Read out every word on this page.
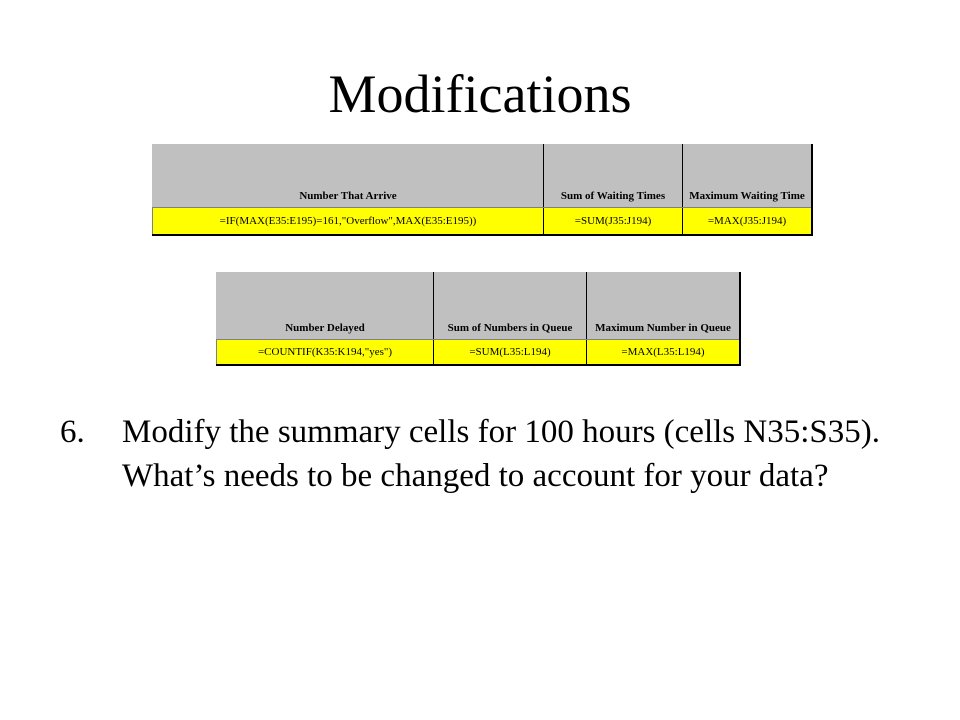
Modifications
Number That Arrive	Sum of Waiting Times	Maximum Waiting Time
=IF(MAX(E35:E195)=161,"Overflow",MAX(E35:E195))	=SUM(J35:J194)	=MAX(J35:J194)
Number Delayed	Sum of Numbers in Queue	Maximum Number in Queue
=COUNTIF(K35:K194,"yes")	=SUM(L35:L194)	=MAX(L35:L194)
6.	Modify the summary cells for 100 hours (cells N35:S35). What’s needs to be changed to account for your data?
